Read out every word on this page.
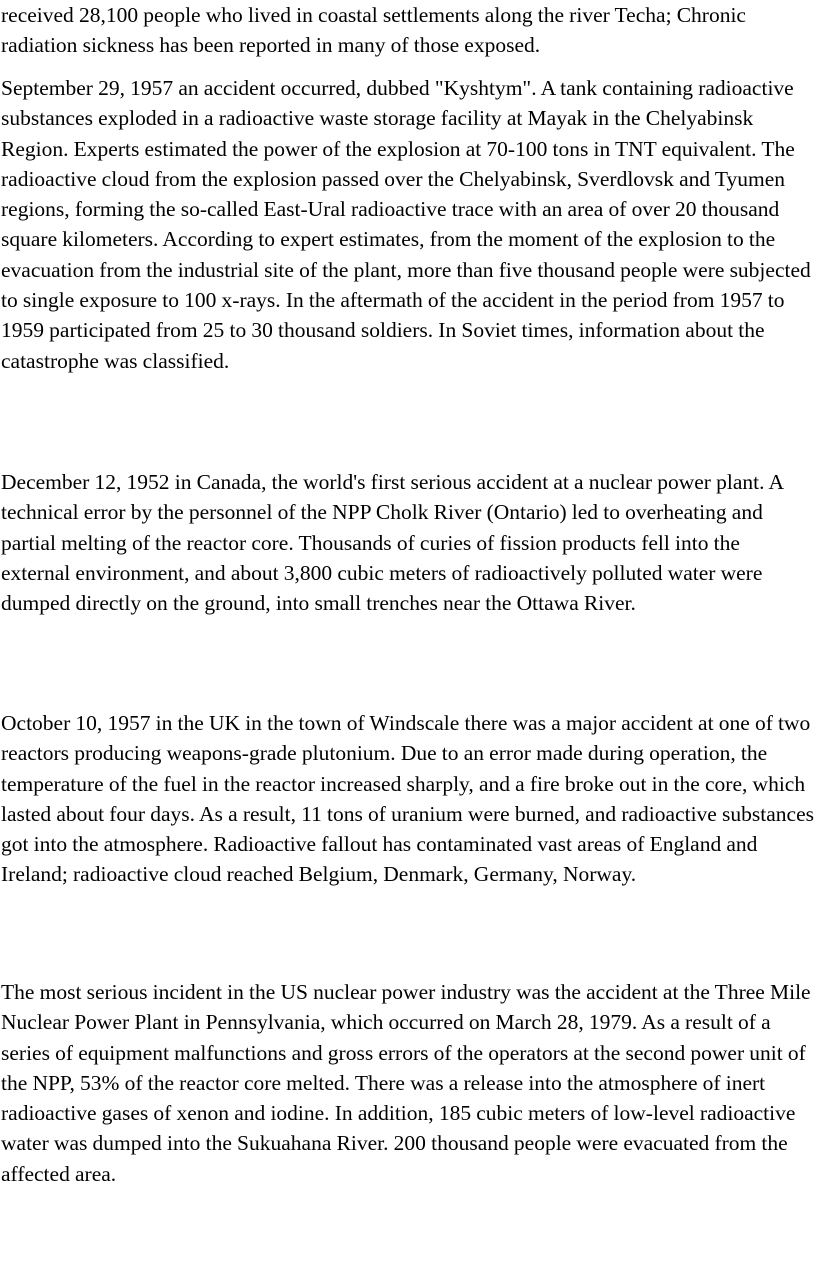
received 28,100 people who lived in coastal settlements along the river Techa; Chronic radiation sickness has been reported in many of those exposed.

September 29, 1957 an accident occurred, dubbed "Kyshtym". A tank containing radioactive substances exploded in a radioactive waste storage facility at Mayak in the Chelyabinsk Region. Experts estimated the power of the explosion at 70-100 tons in TNT equivalent. The radioactive cloud from the explosion passed over the Chelyabinsk, Sverdlovsk and Tyumen regions, forming the so-called East-Ural radioactive trace with an area of over 20 thousand square kilometers. According to expert estimates, from the moment of the explosion to the evacuation from the industrial site of the plant, more than five thousand people were subjected to single exposure to 100 x-rays. In the aftermath of the accident in the period from 1957 to 1959 participated from 25 to 30 thousand soldiers. In Soviet times, information about the catastrophe was classified.

December 12, 1952 in Canada, the world's first serious accident at a nuclear power plant. A technical error by the personnel of the NPP Cholk River (Ontario) led to overheating and partial melting of the reactor core. Thousands of curies of fission products fell into the external environment, and about 3,800 cubic meters of radioactively polluted water were dumped directly on the ground, into small trenches near the Ottawa River.

October 10, 1957 in the UK in the town of Windscale there was a major accident at one of two reactors producing weapons-grade plutonium. Due to an error made during operation, the temperature of the fuel in the reactor increased sharply, and a fire broke out in the core, which lasted about four days. As a result, 11 tons of uranium were burned, and radioactive substances got into the atmosphere. Radioactive fallout has contaminated vast areas of England and Ireland; radioactive cloud reached Belgium, Denmark, Germany, Norway.

The most serious incident in the US nuclear power industry was the accident at the Three Mile Nuclear Power Plant in Pennsylvania, which occurred on March 28, 1979. As a result of a series of equipment malfunctions and gross errors of the operators at the second power unit of the NPP, 53% of the reactor core melted. There was a release into the atmosphere of inert radioactive gases of xenon and iodine. In addition, 185 cubic meters of low-level radioactive water was dumped into the Sukuahana River. 200 thousand people were evacuated from the affected area.
